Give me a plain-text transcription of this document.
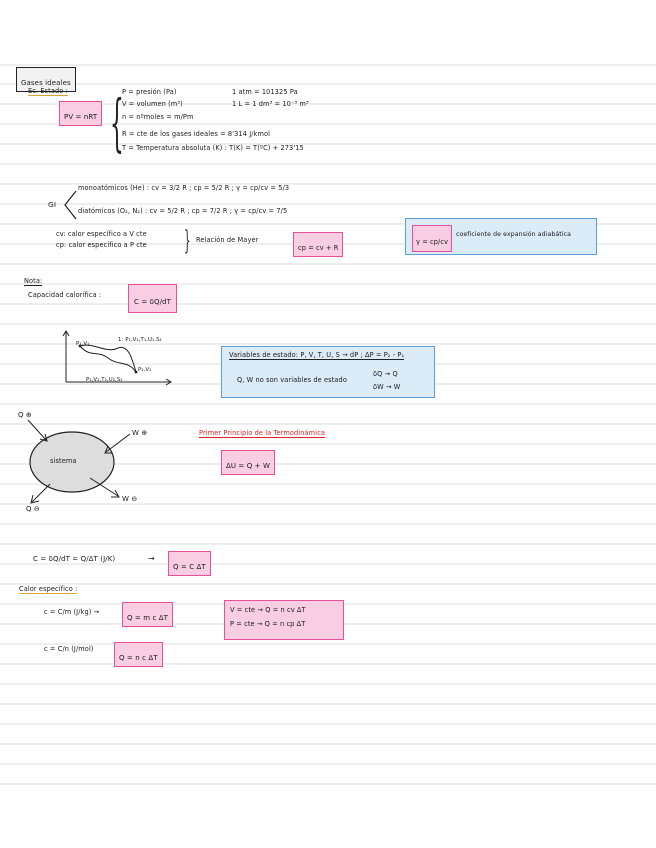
Gases ideales
Ec. Estado :
PV = nRT {
P = presión (Pa)
V = volumen (m³)
n = nºmoles = m/Pm
R = cte de los gases ideales = 8'314 J/kmol
T = Temperatura absoluta (K) : T(K) = T(ºC) + 273'15
1 atm = 101325 Pa
1 L = 1 dm³ = 10⁻³ m³
GI
monoatómicos (He) : cv = 3/2 R ; cp = 5/2 R ; γ = cp/cv = 5/3
diatómicos (O₂, N₂) : cv = 5/2 R ; cp = 7/2 R ; γ = cp/cv = 7/5
cv: calor específico a V cte
cp: calor específico a P cte } Relación de Mayer
cp = cv + R
γ = cp/cv
coeficiente de expansión adiabática
Nota:
Capacidad calorífica :
C = δQ/dT
P₁,V₁
P₂,V₂
1: P₁,V₁,T₁,U₁,S₁
P₂,V₂,T₂,U₂,S₂
Variables de estado: P, V, T, U, S → dP ; ΔP = P₂ - P₁
Q, W no son variables de estado
δQ → Q
δW → W
sistema
Q ⊕
Q ⊖
W ⊕
W ⊖
Primer Principio de la Termodinámica
ΔU = Q + W
C = δQ/dT = Q/ΔT (J/K)	→
Q = C ΔT
Calor específico :
c = C/m (J/kg) →
Q = m c ΔT
c = C/n (J/mol)
Q = n c ΔT
V = cte → Q = n cv ΔT
P = cte → Q = n cp ΔT
